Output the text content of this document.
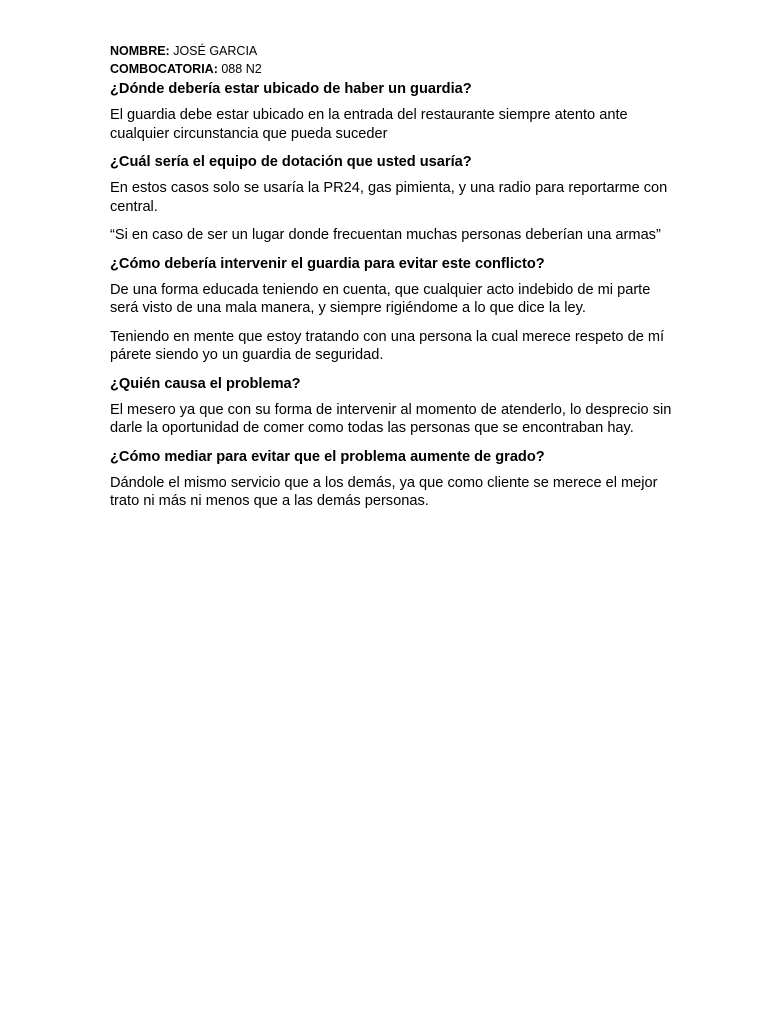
NOMBRE: JOSÉ GARCIA
COMBOCATORIA: 088 N2

¿Dónde debería estar ubicado de haber un guardia?

El guardia debe estar ubicado en la entrada del restaurante siempre atento ante cualquier circunstancia que pueda suceder

¿Cuál sería el equipo de dotación que usted usaría?

En estos casos solo se usaría la PR24, gas pimienta, y una radio para reportarme con central.

“Si en caso de ser un lugar donde frecuentan muchas personas deberían una armas”

¿Cómo debería intervenir el guardia para evitar este conflicto?

De una forma educada teniendo en cuenta, que cualquier acto indebido de mi parte será visto de una mala manera, y siempre rigiéndome a lo que dice la ley.

Teniendo en mente que estoy tratando con una persona la cual merece respeto de mí párete siendo yo un guardia de seguridad.

¿Quién causa el problema?

El mesero ya que con su forma de intervenir al momento de atenderlo, lo desprecio sin darle la oportunidad de comer como todas las personas que se encontraban hay.

¿Cómo mediar para evitar que el problema aumente de grado?

Dándole el mismo servicio que a los demás, ya que como cliente se merece el mejor trato ni más ni menos que a las demás personas.
